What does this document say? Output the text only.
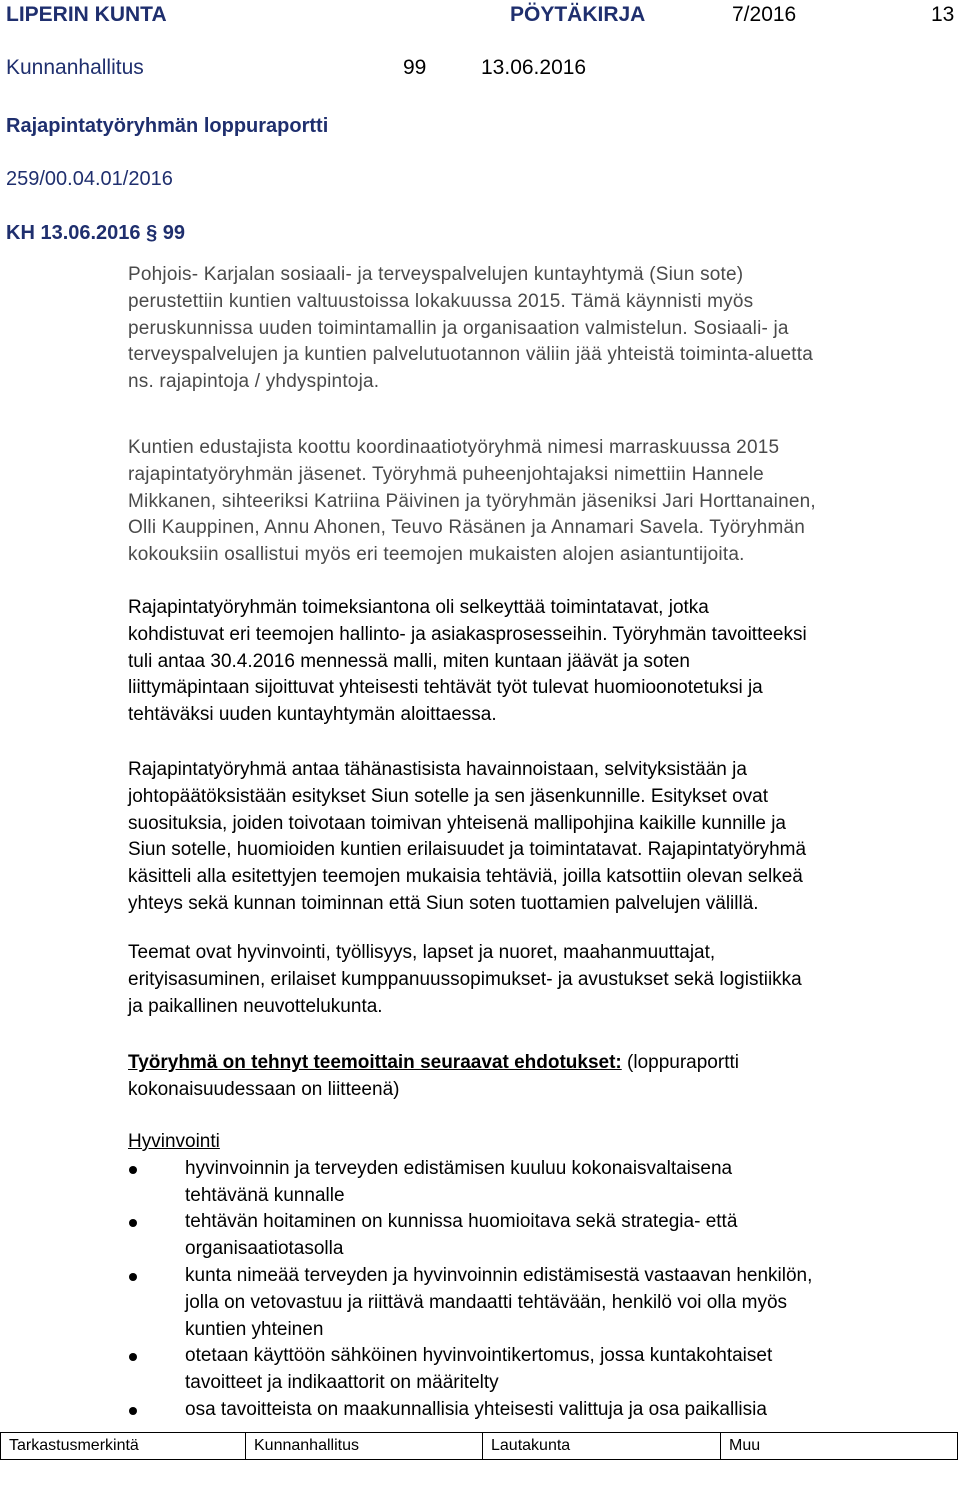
LIPERIN KUNTA	PÖYTÄKIRJA	7/2016	13
Kunnanhallitus	99	13.06.2016
Rajapintatyöryhmän loppuraportti
259/00.04.01/2016
KH 13.06.2016 § 99

Pohjois- Karjalan sosiaali- ja terveyspalvelujen kuntayhtymä (Siun sote)

perustettiin kuntien valtuustoissa lokakuussa 2015. Tämä käynnisti myös

peruskunnissa uuden toimintamallin ja organisaation valmistelun. Sosiaali- ja

terveyspalvelujen ja kuntien palvelutuotannon väliin jää yhteistä toiminta-aluetta

ns. rajapintoja / yhdyspintoja.

Kuntien edustajista koottu koordinaatiotyöryhmä nimesi marraskuussa 2015

rajapintatyöryhmän jäsenet. Työryhmä puheenjohtajaksi nimettiin Hannele

Mikkanen, sihteeriksi Katriina Päivinen ja työryhmän jäseniksi Jari Horttanainen,

Olli Kauppinen, Annu Ahonen, Teuvo Räsänen ja Annamari Savela. Työryhmän

kokouksiin osallistui myös eri teemojen mukaisten alojen asiantuntijoita.

Rajapintatyöryhmän toimeksiantona oli selkeyttää toimintatavat, jotka

kohdistuvat eri teemojen hallinto- ja asiakasprosesseihin. Työryhmän tavoitteeksi

tuli antaa 30.4.2016 mennessä malli, miten kuntaan jäävät ja soten

liittymäpintaan sijoittuvat yhteisesti tehtävät työt tulevat huomioonotetuksi ja

tehtäväksi uuden kuntayhtymän aloittaessa.

Rajapintatyöryhmä antaa tähänastisista havainnoistaan, selvityksistään ja

johtopäätöksistään esitykset Siun sotelle ja sen jäsenkunnille. Esitykset ovat

suosituksia, joiden toivotaan toimivan yhteisenä mallipohjina kaikille kunnille ja

Siun sotelle, huomioiden kuntien erilaisuudet ja toimintatavat. Rajapintatyöryhmä

käsitteli alla esitettyjen teemojen mukaisia tehtäviä, joilla katsottiin olevan selkeä

yhteys sekä kunnan toiminnan että Siun soten tuottamien palvelujen välillä.

Teemat ovat hyvinvointi, työllisyys, lapset ja nuoret, maahanmuuttajat,

erityisasuminen, erilaiset kumppanuussopimukset- ja avustukset sekä logistiikka

ja paikallinen neuvottelukunta.

Työryhmä on tehnyt teemoittain seuraavat ehdotukset: (loppuraportti

kokonaisuudessaan on liitteenä)

Hyvinvointi

hyvinvoinnin ja terveyden edistämisen kuuluu kokonaisvaltaisena
tehtävänä kunnalle
tehtävän hoitaminen on kunnissa huomioitava sekä strategia- että
organisaatiotasolla
kunta nimeää terveyden ja hyvinvoinnin edistämisestä vastaavan henkilön,
jolla on vetovastuu ja riittävä mandaatti tehtävään, henkilö voi olla myös
kuntien yhteinen
otetaan käyttöön sähköinen hyvinvointikertomus, jossa kuntakohtaiset
tavoitteet ja indikaattorit on määritelty
osa tavoitteista on maakunnallisia yhteisesti valittuja ja osa paikallisia
Tarkastusmerkintä	Kunnanhallitus	Lautakunta	Muu
